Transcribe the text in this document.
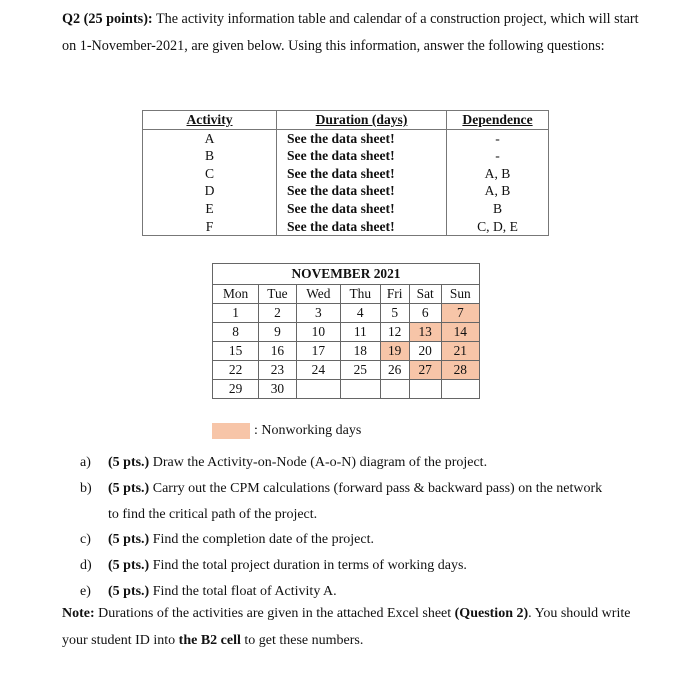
Q2 (25 points): The activity information table and calendar of a construction project, which will start on 1-November-2021, are given below. Using this information, answer the following questions:
Activity	Duration (days)	Dependence
A	See the data sheet!	-
B	See the data sheet!	-
C	See the data sheet!	A, B
D	See the data sheet!	A, B
E	See the data sheet!	B
F	See the data sheet!	C, D, E
NOVEMBER 2021						
Mon	Tue	Wed	Thu	Fri	Sat	Sun
1	2	3	4	5	6	7
8	9	10	11	12	13	14
15	16	17	18	19	20	21
22	23	24	25	26	27	28
29	30					
: Nonworking days
a)	(5 pts.) Draw the Activity-on-Node (A-o-N) diagram of the project.
b)	(5 pts.) Carry out the CPM calculations (forward pass & backward pass) on the network
to find the critical path of the project.
c)	(5 pts.) Find the completion date of the project.
d)	(5 pts.) Find the total project duration in terms of working days.
e)	(5 pts.) Find the total float of Activity A.
Note: Durations of the activities are given in the attached Excel sheet (Question 2). You should write your student ID into the B2 cell to get these numbers.
